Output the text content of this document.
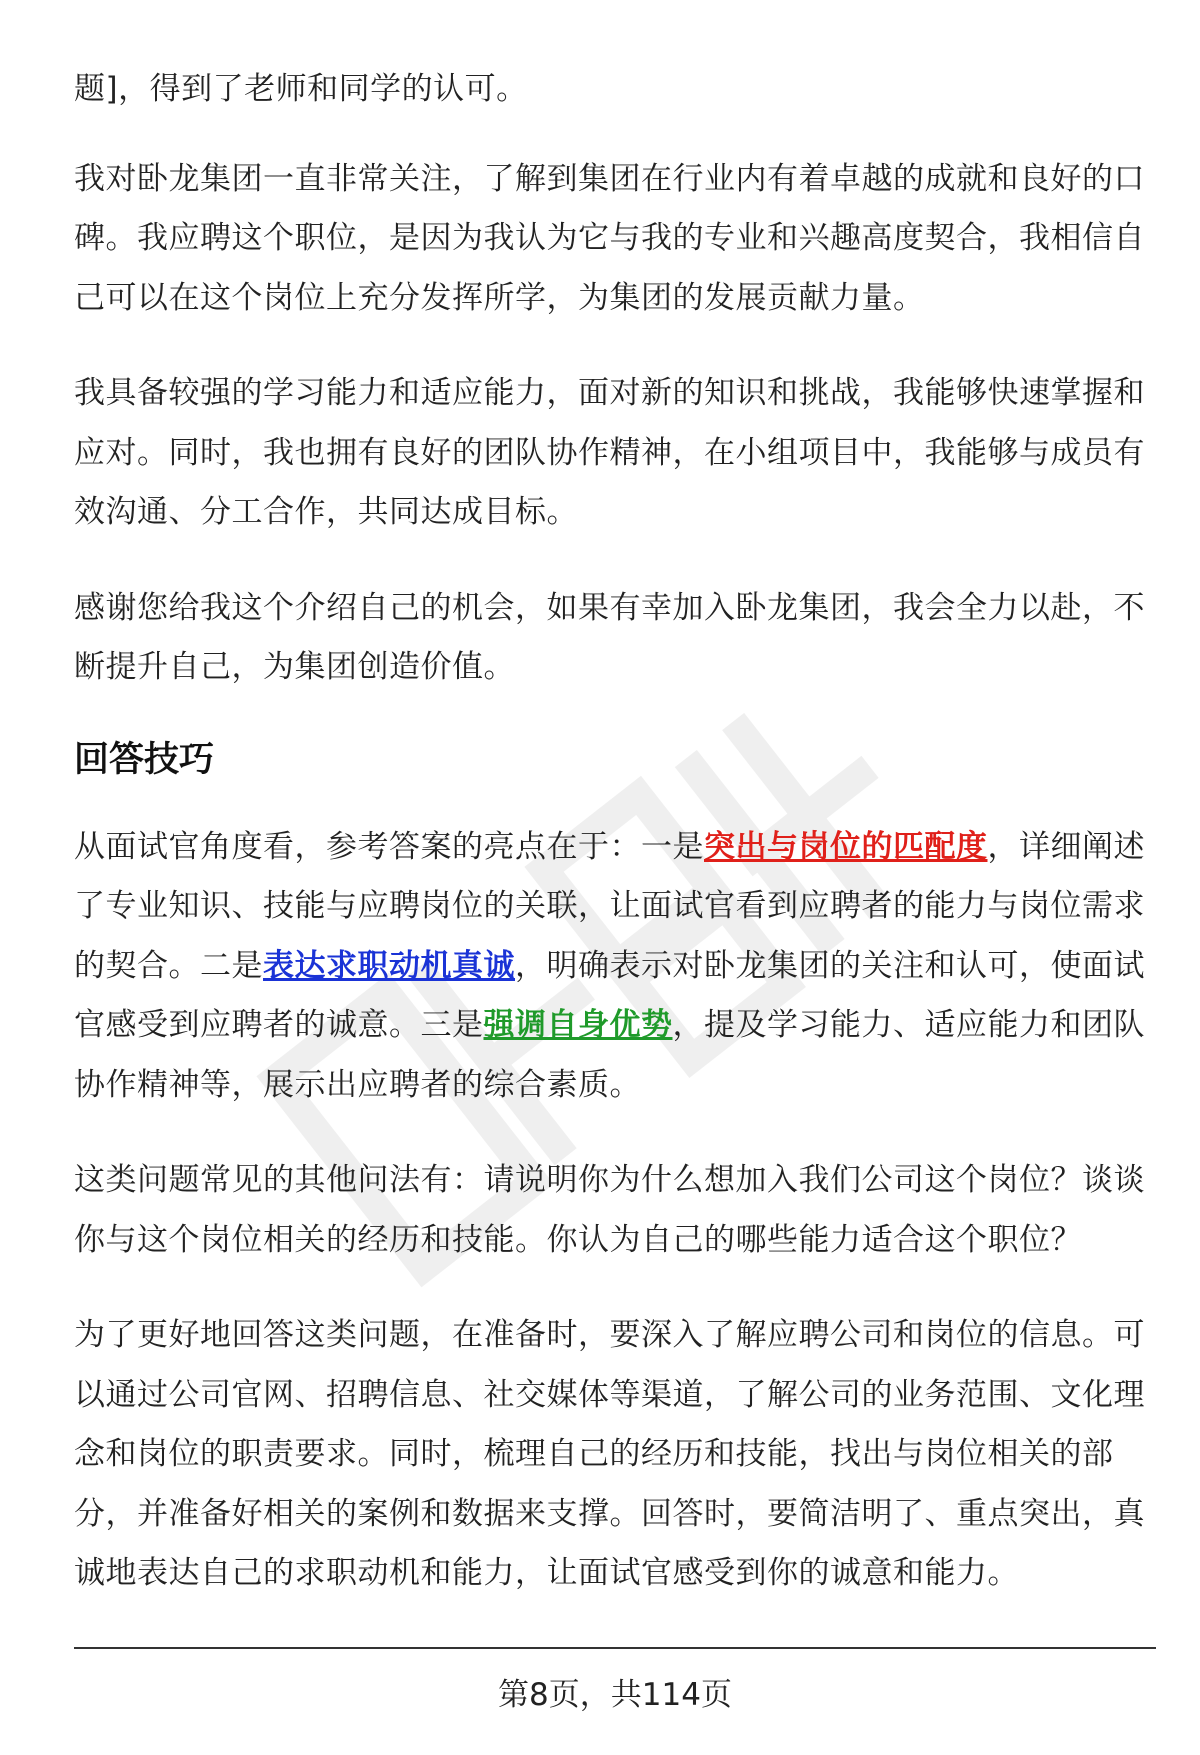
题]，得到了老师和同学的认可。

我对卧龙集团一直非常关注，了解到集团在行业内有着卓越的成就和良好的口碑。我应聘这个职位，是因为我认为它与我的专业和兴趣高度契合，我相信自己可以在这个岗位上充分发挥所学，为集团的发展贡献力量。

我具备较强的学习能力和适应能力，面对新的知识和挑战，我能够快速掌握和应对。同时，我也拥有良好的团队协作精神，在小组项目中，我能够与成员有效沟通、分工合作，共同达成目标。

感谢您给我这个介绍自己的机会，如果有幸加入卧龙集团，我会全力以赴，不断提升自己，为集团创造价值。

回答技巧

从面试官角度看，参考答案的亮点在于：一是突出与岗位的匹配度，详细阐述了专业知识、技能与应聘岗位的关联，让面试官看到应聘者的能力与岗位需求的契合。二是表达求职动机真诚，明确表示对卧龙集团的关注和认可，使面试官感受到应聘者的诚意。三是强调自身优势，提及学习能力、适应能力和团队协作精神等，展示出应聘者的综合素质。

这类问题常见的其他问法有：请说明你为什么想加入我们公司这个岗位？谈谈你与这个岗位相关的经历和技能。你认为自己的哪些能力适合这个职位？

为了更好地回答这类问题，在准备时，要深入了解应聘公司和岗位的信息。可以通过公司官网、招聘信息、社交媒体等渠道，了解公司的业务范围、文化理念和岗位的职责要求。同时，梳理自己的经历和技能，找出与岗位相关的部分，并准备好相关的案例和数据来支撑。回答时，要简洁明了、重点突出，真诚地表达自己的求职动机和能力，让面试官感受到你的诚意和能力。

第8页，共114页
